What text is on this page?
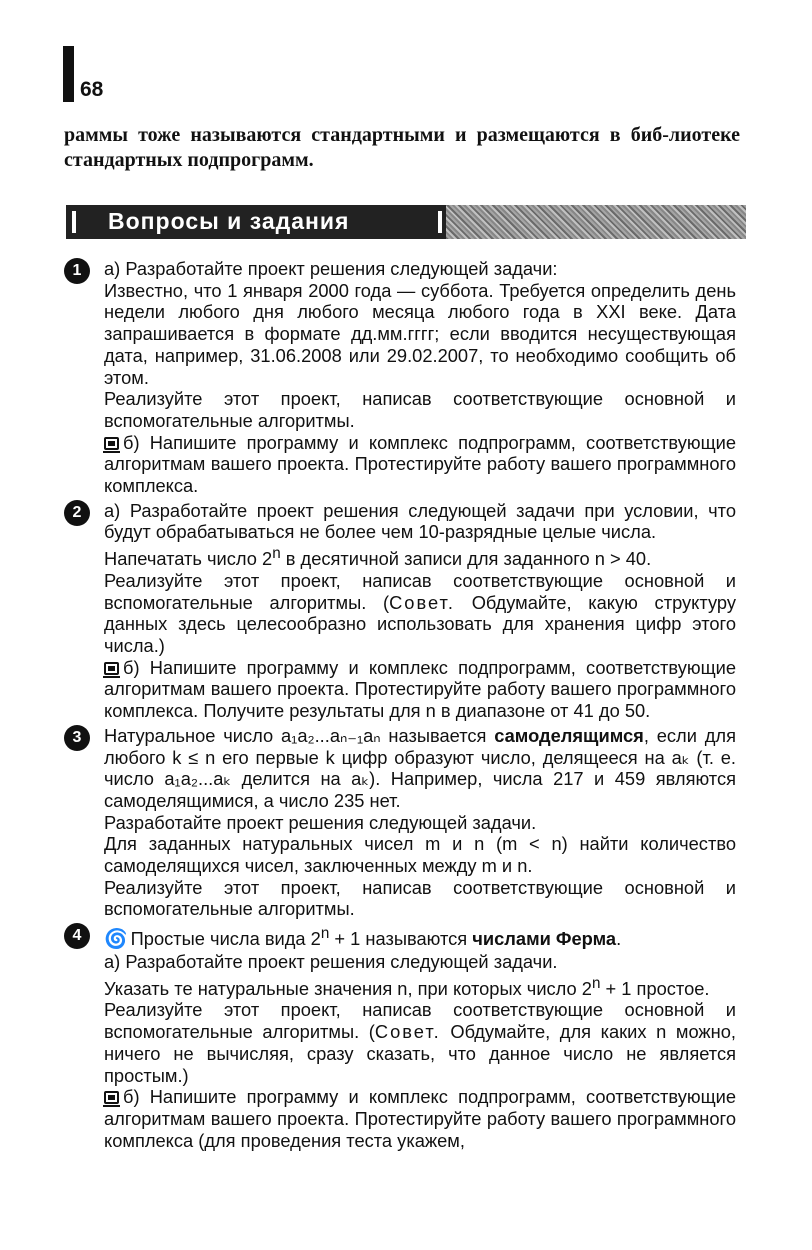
68
раммы тоже называются стандартными и размещаются в биб-лиотеке стандартных подпрограмм.
Вопросы и задания
1	а) Разработайте проект решения следующей задачи:

Известно, что 1 января 2000 года — суббота. Требуется определить день недели любого дня любого месяца любого года в XXI веке. Дата запрашивается в формате дд.мм.гггг; если вводится несуществующая дата, например, 31.06.2008 или 29.02.2007, то необходимо сообщить об этом.

Реализуйте этот проект, написав соответствующие основной и вспомогательные алгоритмы.

б) Напишите программу и комплекс подпрограмм, соответствующие алгоритмам вашего проекта. Протестируйте работу вашего программного комплекса.

2	а) Разработайте проект решения следующей задачи при условии, что будут обрабатываться не более чем 10-разрядные целые числа.

Напечатать число 2$^n$ в десятичной записи для заданного n > 40.

Реализуйте этот проект, написав соответствующие основной и вспомогательные алгоритмы. (Совет. Обдумайте, какую структуру данных здесь целесообразно использовать для хранения цифр этого числа.)

б) Напишите программу и комплекс подпрограмм, соответствующие алгоритмам вашего проекта. Протестируйте работу вашего программного комплекса. Получите результаты для n в диапазоне от 41 до 50.

3	Натуральное число a₁a₂...aₙ₋₁aₙ называется самоделящимся, если для любого k ≤ n его первые k цифр образуют число, делящееся на aₖ (т. е. число a₁a₂...aₖ делится на aₖ). Например, числа 217 и 459 являются самоделящимися, а число 235 нет.

Разработайте проект решения следующей задачи.

Для заданных натуральных чисел m и n (m < n) найти количество самоделящихся чисел, заключенных между m и n.

Реализуйте этот проект, написав соответствующие основной и вспомогательные алгоритмы.

4	🌀 Простые числа вида $2^n + 1$ называются числами Ферма.

а) Разработайте проект решения следующей задачи.

Указать те натуральные значения n, при которых число $2^n + 1$ простое.

Реализуйте этот проект, написав соответствующие основной и вспомогательные алгоритмы. (Совет. Обдумайте, для каких n можно, ничего не вычисляя, сразу сказать, что данное число не является простым.)

б) Напишите программу и комплекс подпрограмм, соответствующие алгоритмам вашего проекта. Протестируйте работу вашего программного комплекса (для проведения теста укажем,
